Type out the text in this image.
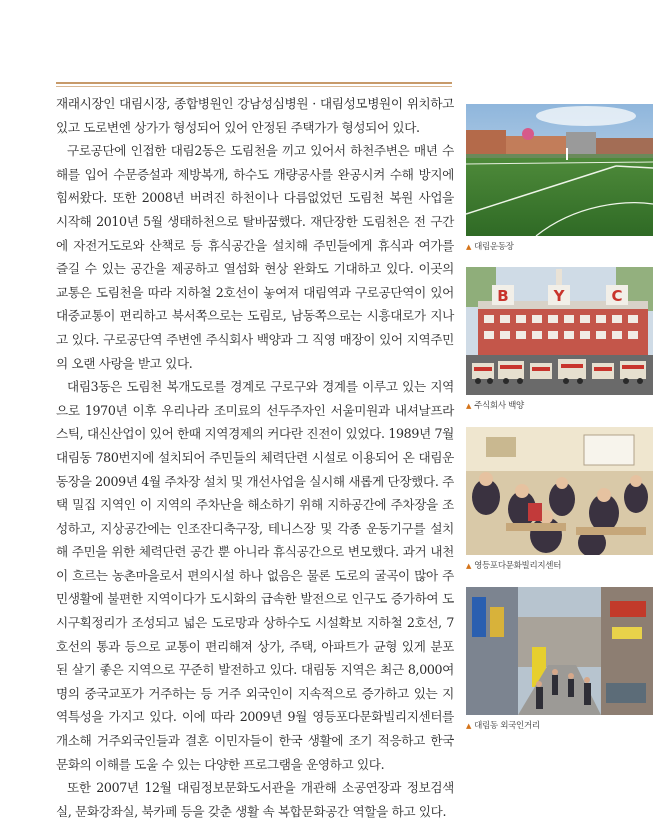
재래시장인 대림시장, 종합병원인 강남성심병원 · 대림성모병원이 위치하고 있고 도로변엔 상가가 형성되어 있어 안정된 주택가가 형성되어 있다.

구로공단에 인접한 대림2동은 도림천을 끼고 있어서 하천주변은 매년 수해를 입어 수문증설과 제방복개, 하수도 개량공사를 완공시켜 수해 방지에 힘써왔다. 또한 2008년 버려진 하천이나 다름없었던 도림천 복원 사업을 시작해 2010년 5월 생태하천으로 탈바꿈했다. 재단장한 도림천은 전 구간에 자전거도로와 산책로 등 휴식공간을 설치해 주민들에게 휴식과 여가를 즐길 수 있는 공간을 제공하고 열섬화 현상 완화도 기대하고 있다. 이곳의 교통은 도림천을 따라 지하철 2호선이 놓여져 대림역과 구로공단역이 있어 대중교통이 편리하고 북서쪽으로는 도림로, 남동쪽으로는 시흥대로가 지나고 있다. 구로공단역 주변엔 주식회사 백양과 그 직영 매장이 있어 지역주민의 오랜 사랑을 받고 있다.

대림3동은 도림천 복개도로를 경계로 구로구와 경계를 이루고 있는 지역으로 1970년 이후 우리나라 조미료의 선두주자인 서울미원과 내셔날프라스틱, 대신산업이 있어 한때 지역경제의 커다란 진전이 있었다. 1989년 7월 대림동 780번지에 설치되어 주민들의 체력단련 시설로 이용되어 온 대림운동장을 2009년 4월 주차장 설치 및 개선사업을 실시해 새롭게 단장했다. 주택 밀집 지역인 이 지역의 주차난을 해소하기 위해 지하공간에 주차장을 조성하고, 지상공간에는 인조잔디축구장, 테니스장 및 각종 운동기구를 설치해 주민을 위한 체력단련 공간 뿐 아니라 휴식공간으로 변모했다. 과거 내천이 흐르는 농촌마을로서 편의시설 하나 없음은 물론 도로의 굴곡이 많아 주민생활에 불편한 지역이다가 도시화의 급속한 발전으로 인구도 증가하여 도시구획정리가 조성되고 넓은 도로망과 상하수도 시설확보 지하철 2호선, 7호선의 통과 등으로 교통이 편리해져 상가, 주택, 아파트가 균형 있게 분포된 살기 좋은 지역으로 꾸준히 발전하고 있다. 대림동 지역은 최근 8,000여명의 중국교포가 거주하는 등 거주 외국인이 지속적으로 증가하고 있는 지역특성을 가지고 있다. 이에 따라 2009년 9월 영등포다문화빌리지센터를 개소해 거주외국인들과 결혼 이민자들이 한국 생활에 조기 적응하고 한국 문화의 이해를 도울 수 있는 다양한 프로그램을 운영하고 있다.

또한 2007년 12월 대림정보문화도서관을 개관해 소공연장과 정보검색실, 문화강좌실, 북카페 등을 갖춘 생활 속 복합문화공간 역할을 하고 있다.

▲ 대림운동장
B	Y	C
▲ 주식회사 백양
▲ 영등포다문화빌리지센터
▲ 대림동 외국인거리
